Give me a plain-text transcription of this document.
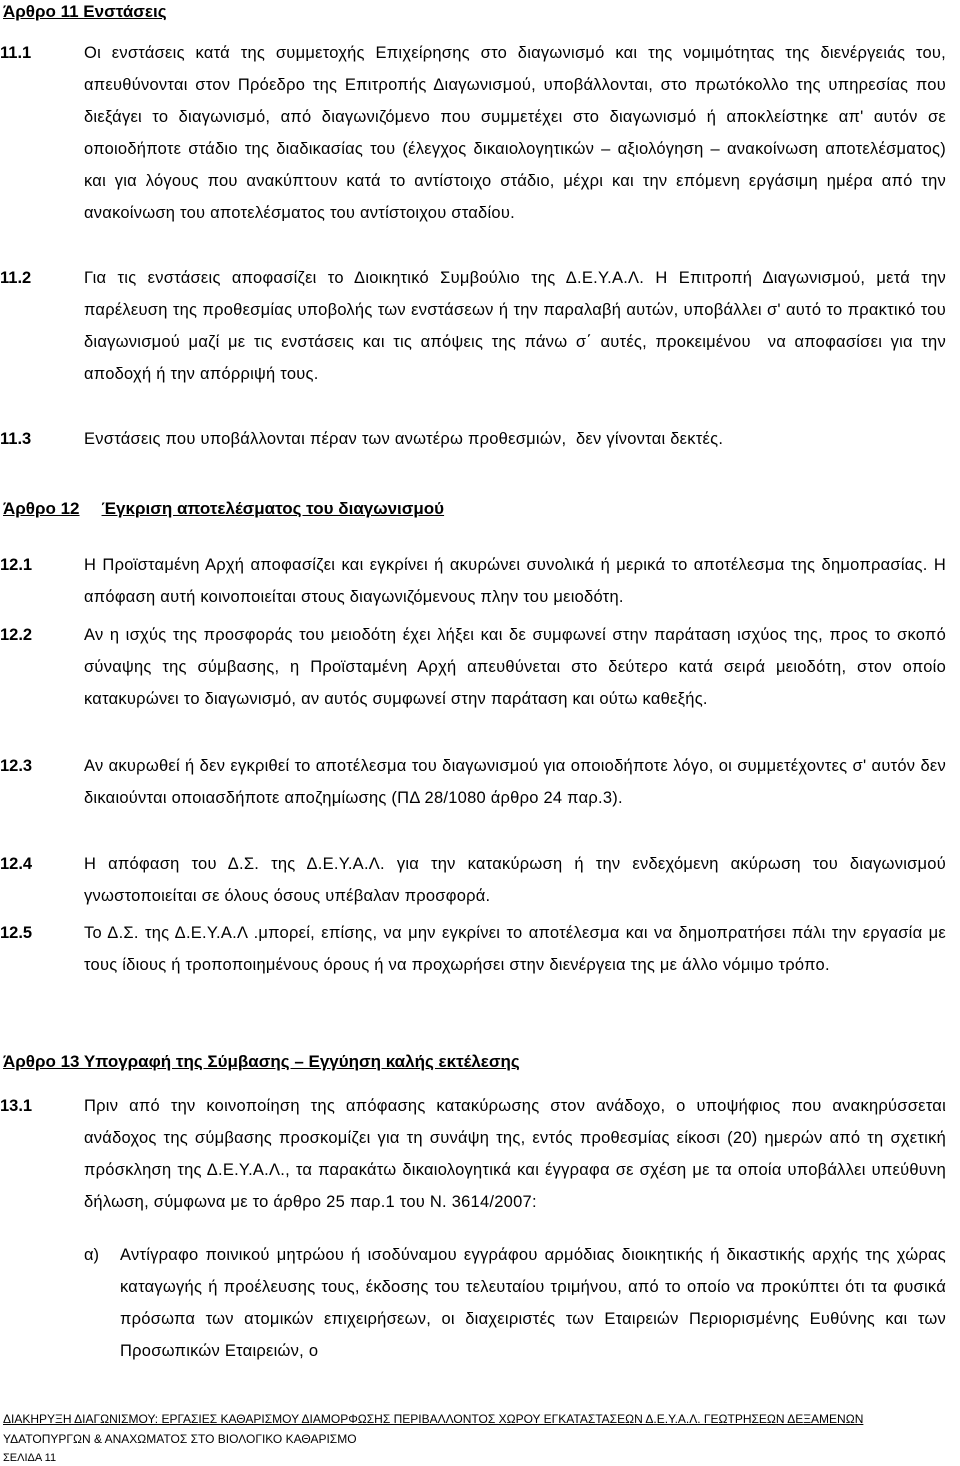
Άρθρο 11 Ενστάσεις
11.1	Οι ενστάσεις κατά της συμμετοχής Επιχείρησης στο διαγωνισμό και της νομιμότητας της διενέργειάς του, απευθύνονται στον Πρόεδρο της Επιτροπής Διαγωνισμού, υποβάλλονται, στο πρωτόκολλο της υπηρεσίας που διεξάγει το διαγωνισμό, από διαγωνιζόμενο που συμμετέχει στο διαγωνισμό ή αποκλείστηκε απ' αυτόν σε οποιοδήποτε στάδιο της διαδικασίας του (έλεγχος δικαιολογητικών – αξιολόγηση – ανακοίνωση αποτελέσματος) και για λόγους που ανακύπτουν κατά το αντίστοιχο στάδιο, μέχρι και την επόμενη εργάσιμη ημέρα από την ανακοίνωση του αποτελέσματος του αντίστοιχου σταδίου.
11.2	Για τις ενστάσεις αποφασίζει το Διοικητικό Συμβούλιο της Δ.Ε.Υ.Α.Λ. Η Επιτροπή Διαγωνισμού, μετά την παρέλευση της προθεσμίας υποβολής των ενστάσεων ή την παραλαβή αυτών, υποβάλλει σ' αυτό το πρακτικό του διαγωνισμού μαζί με τις ενστάσεις και τις απόψεις της πάνω σ΄ αυτές, προκειμένου  να αποφασίσει για την αποδοχή ή την απόρριψή τους.
11.3	Ενστάσεις που υποβάλλονται πέραν των ανωτέρω προθεσμιών,  δεν γίνονται δεκτές.
Άρθρο 12 Έγκριση αποτελέσματος του διαγωνισμού
12.1	Η Προϊσταμένη Αρχή αποφασίζει και εγκρίνει ή ακυρώνει συνολικά ή μερικά το αποτέλεσμα της δημοπρασίας. Η απόφαση αυτή κοινοποιείται στους διαγωνιζόμενους πλην του μειοδότη.
12.2	Αν η ισχύς της προσφοράς του μειοδότη έχει λήξει και δε συμφωνεί στην παράταση ισχύος της, προς το σκοπό σύναψης της σύμβασης, η Προϊσταμένη Αρχή απευθύνεται στο δεύτερο κατά σειρά μειοδότη, στον οποίο κατακυρώνει το διαγωνισμό, αν αυτός συμφωνεί στην παράταση και ούτω καθεξής.
12.3	Αν ακυρωθεί ή δεν εγκριθεί το αποτέλεσμα του διαγωνισμού για οποιοδήποτε λόγο, οι συμμετέχοντες σ' αυτόν δεν δικαιούνται οποιασδήποτε αποζημίωσης (ΠΔ 28/1080 άρθρο 24 παρ.3).
12.4	Η απόφαση του Δ.Σ. της Δ.Ε.Υ.Α.Λ. για την κατακύρωση ή την ενδεχόμενη ακύρωση του διαγωνισμού γνωστοποιείται σε όλους όσους υπέβαλαν προσφορά.
12.5	Το Δ.Σ. της Δ.Ε.Υ.Α.Λ .μπορεί, επίσης, να μην εγκρίνει το αποτέλεσμα και να δημοπρατήσει πάλι την εργασία με τους ίδιους ή τροποποιημένους όρους ή να προχωρήσει στην διενέργεια της με άλλο νόμιμο τρόπο.
Άρθρο 13 Υπογραφή της Σύμβασης – Εγγύηση καλής εκτέλεσης
13.1	Πριν από την κοινοποίηση της απόφασης κατακύρωσης στον ανάδοχο, ο υποψήφιος που ανακηρύσσεται ανάδοχος της σύμβασης προσκομίζει για τη συνάψη της, εντός προθεσμίας είκοσι (20) ημερών από τη σχετική πρόσκληση της Δ.Ε.Υ.Α.Λ., τα παρακάτω δικαιολογητικά και έγγραφα σε σχέση με τα οποία υποβάλλει υπεύθυνη δήλωση, σύμφωνα με το άρθρο 25 παρ.1 του Ν. 3614/2007:
α) Αντίγραφο ποινικού μητρώου ή ισοδύναμου εγγράφου αρμόδιας διοικητικής ή δικαστικής αρχής της χώρας καταγωγής ή προέλευσης τους, έκδοσης του τελευταίου τριμήνου, από το οποίο να προκύπτει ότι τα φυσικά πρόσωπα των ατομικών επιχειρήσεων, οι διαχειριστές των Εταιρειών Περιορισμένης Ευθύνης και των Προσωπικών Εταιρειών, ο
ΔΙΑΚΗΡΥΞΗ ΔΙΑΓΩΝΙΣΜΟΥ: ΕΡΓΑΣΙΕΣ ΚΑΘΑΡΙΣΜΟΥ ΔΙΑΜΟΡΦΩΣΗΣ ΠΕΡΙΒΑΛΛΟΝΤΟΣ ΧΩΡΟΥ ΕΓΚΑΤΑΣΤΑΣΕΩΝ Δ.Ε.Υ.Α.Λ. ΓΕΩΤΡΗΣΕΩΝ ΔΕΞΑΜΕΝΩΝ
ΥΔΑΤΟΠΥΡΓΩΝ & ΑΝΑΧΩΜΑΤΟΣ ΣΤΟ ΒΙΟΛΟΓΙΚΟ ΚΑΘΑΡΙΣΜΟ
ΣΕΛΙΔΑ 11
